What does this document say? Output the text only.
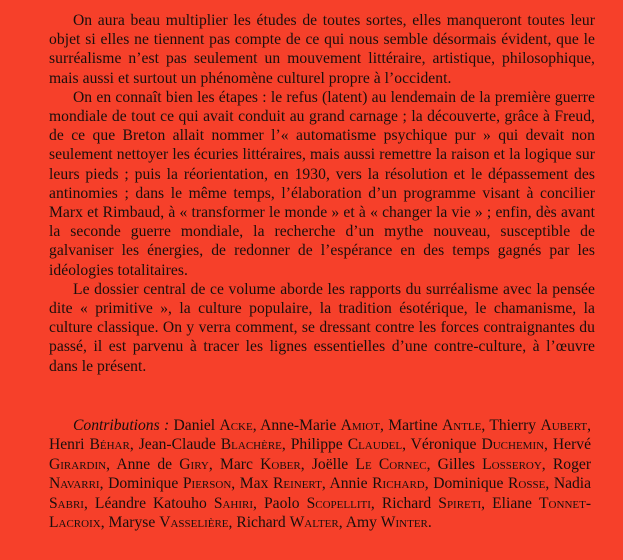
On aura beau multiplier les études de toutes sortes, elles manqueront toutes leur objet si elles ne tiennent pas compte de ce qui nous semble désormais évident, que le surréalisme n’est pas seulement un mouvement littéraire, artistique, philosophique, mais aussi et surtout un phénomène culturel propre à l’occident.

On en connaît bien les étapes : le refus (latent) au lendemain de la première guerre mondiale de tout ce qui avait conduit au grand carnage ; la découverte, grâce à Freud, de ce que Breton allait nommer l’« automatisme psychique pur » qui devait non seulement nettoyer les écuries littéraires, mais aussi remettre la raison et la logique sur leurs pieds ; puis la réorientation, en 1930, vers la résolution et le dépassement des antinomies ; dans le même temps, l’élaboration d’un programme visant à concilier Marx et Rimbaud, à « transformer le monde » et à « changer la vie » ; enfin, dès avant la seconde guerre mondiale, la recherche d’un mythe nouveau, susceptible de galvaniser les énergies, de redonner de l’espérance en des temps gagnés par les idéologies totalitaires.

Le dossier central de ce volume aborde les rapports du surréalisme avec la pensée dite « primitive », la culture populaire, la tradition ésotérique, le chamanisme, la culture classique. On y verra comment, se dressant contre les forces contraignantes du passé, il est parvenu à tracer les lignes essentielles d’une contre-culture, à l’œuvre dans le présent.

Contributions : Daniel Acke, Anne-Marie Amiot, Martine Antle, Thierry Aubert, Henri Béhar, Jean-Claude Blachère, Philippe Claudel, Véronique Duchemin, Hervé Girardin, Anne de Giry, Marc Kober, Joëlle Le Cornec, Gilles Losseroy, Roger Navarri, Dominique Pierson, Max Reinert, Annie Richard, Dominique Rosse, Nadia Sabri, Léandre Katouho Sahiri, Paolo Scopelliti, Richard Spireti, Eliane Tonnet-Lacroix, Maryse Vasselière, Richard Walter, Amy Winter.
